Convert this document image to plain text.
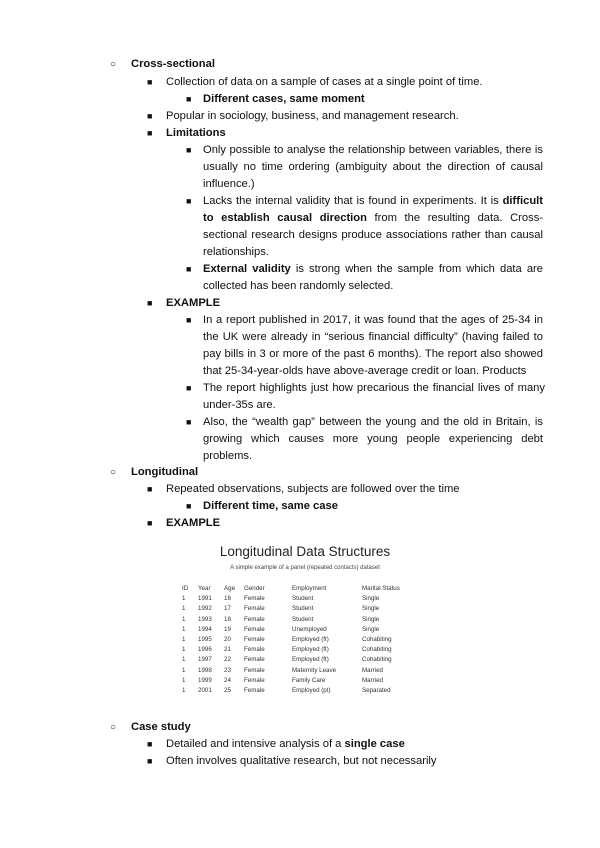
○ Cross-sectional
■ Collection of data on a sample of cases at a single point of time.
■ Different cases, same moment
■ Popular in sociology, business, and management research.
■ Limitations
■ Only possible to analyse the relationship between variables, there is usually no time ordering (ambiguity about the direction of causal influence.)
■ Lacks the internal validity that is found in experiments. It is difficult to establish causal direction from the resulting data. Cross-sectional research designs produce associations rather than causal relationships.
■ External validity is strong when the sample from which data are collected has been randomly selected.
■ EXAMPLE
■ In a report published in 2017, it was found that the ages of 25-34 in the UK were already in “serious financial difficulty” (having failed to pay bills in 3 or more of the past 6 months). The report also showed that 25-34-year-olds have above-average credit or loan. Products
■ The report highlights just how precarious the financial lives of many under-35s are.
■ Also, the “wealth gap” between the young and the old in Britain, is growing which causes more young people experiencing debt problems.
○ Longitudinal
■ Repeated observations, subjects are followed over the time
■ Different time, same case
■ EXAMPLE
Longitudinal Data Structures
A simple example of a panel (repeated contacts) dataset
ID	Year	Age	Gender	Employment	Marital Status
1	1991	16	Female	Student	Single
1	1992	17	Female	Student	Single
1	1993	18	Female	Student	Single
1	1994	19	Female	Unemployed	Single
1	1995	20	Female	Employed (ft)	Cohabiting
1	1996	21	Female	Employed (ft)	Cohabiting
1	1997	22	Female	Employed (ft)	Cohabiting
1	1998	23	Female	Maternity Leave	Married
1	1999	24	Female	Family Care	Married
1	2001	25	Female	Employed (pt)	Separated
○ Case study
■ Detailed and intensive analysis of a single case
■ Often involves qualitative research, but not necessarily
